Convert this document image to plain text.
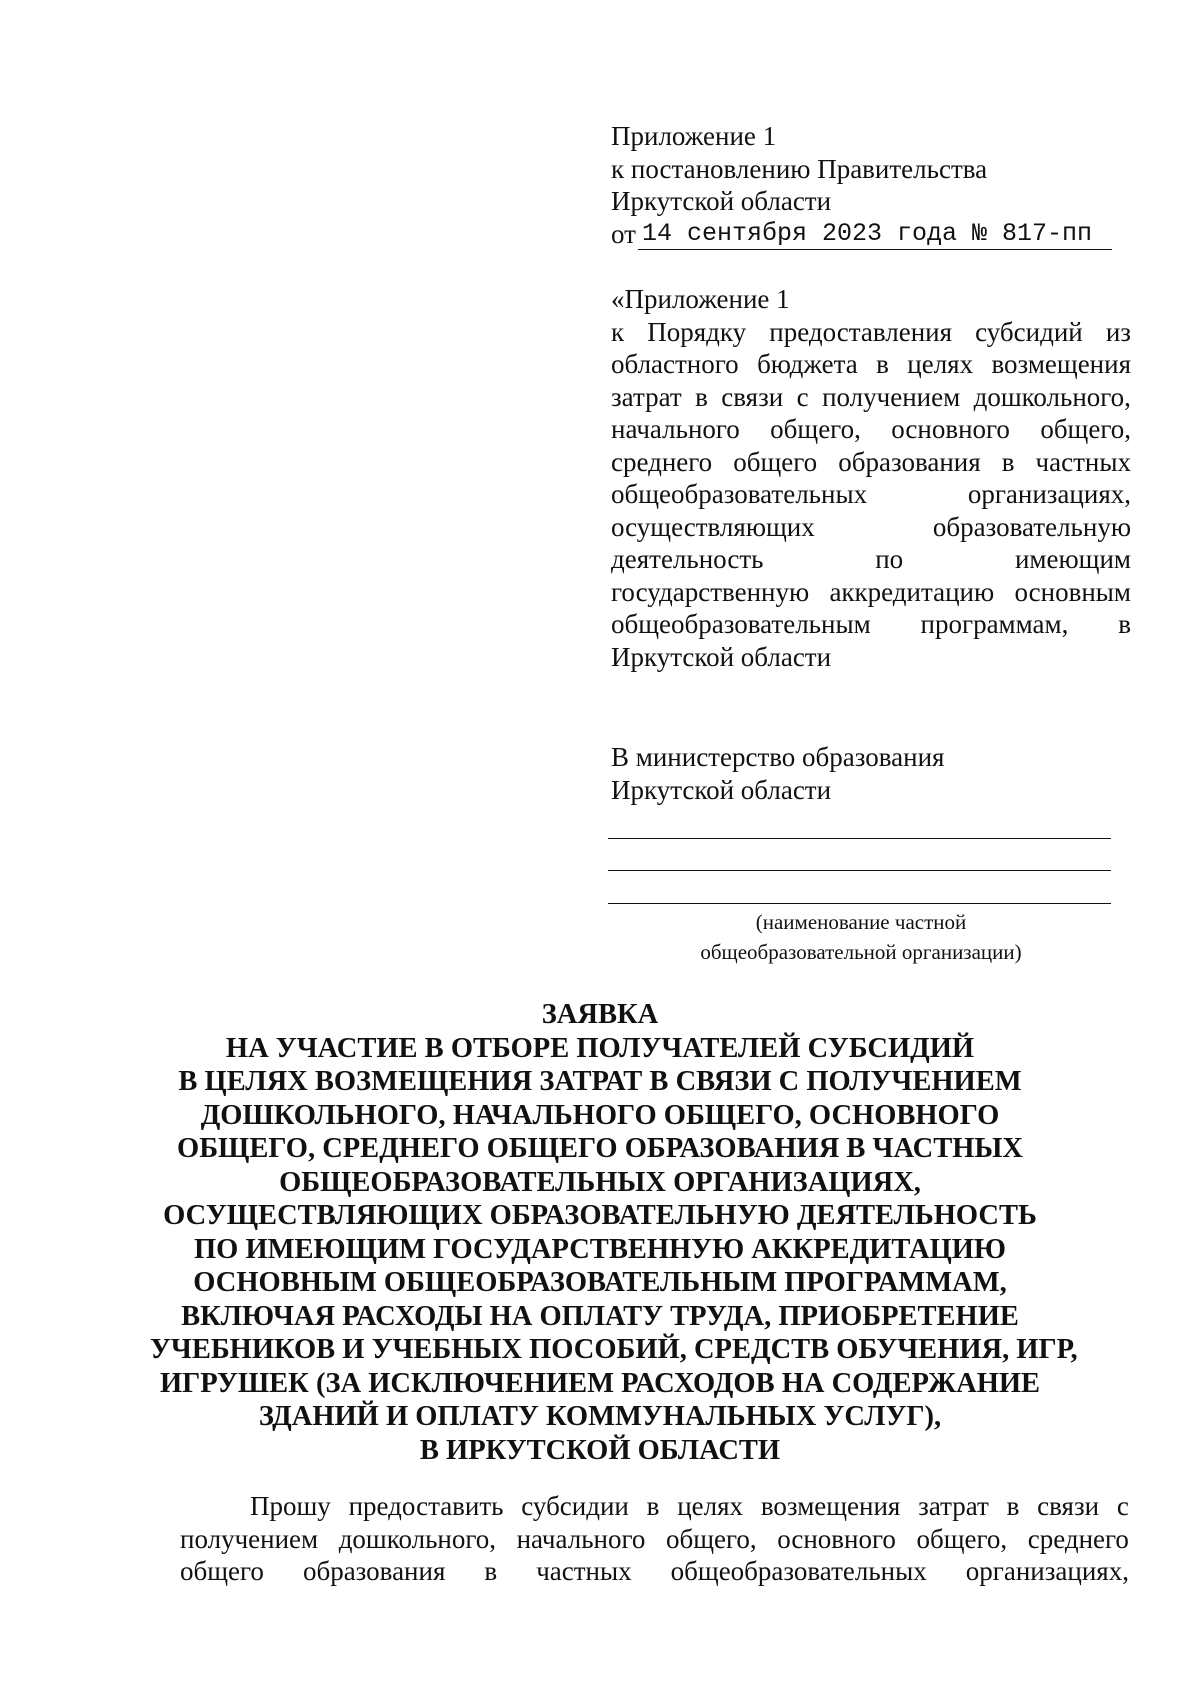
Приложение 1
к постановлению Правительства
Иркутской области
от 14 сентября 2023 года № 817-пп
«Приложение 1
к Порядку предоставления субсидий из
областного бюджета в целях возмещения
затрат в связи с получением дошкольного,
начального общего, основного общего,
среднего общего образования в частных
общеобразовательных	организациях,
осуществляющих	образовательную
деятельность	по	имеющим
государственную аккредитацию основным
общеобразовательным программам, в
Иркутской области
В министерство образования
Иркутской области
(наименование частной
общеобразовательной организации)
ЗАЯВКА
НА УЧАСТИЕ В ОТБОРЕ ПОЛУЧАТЕЛЕЙ СУБСИДИЙ
В ЦЕЛЯХ ВОЗМЕЩЕНИЯ ЗАТРАТ В СВЯЗИ С ПОЛУЧЕНИЕМ
ДОШКОЛЬНОГО, НАЧАЛЬНОГО ОБЩЕГО, ОСНОВНОГО
ОБЩЕГО, СРЕДНЕГО ОБЩЕГО ОБРАЗОВАНИЯ В ЧАСТНЫХ
ОБЩЕОБРАЗОВАТЕЛЬНЫХ ОРГАНИЗАЦИЯХ,
ОСУЩЕСТВЛЯЮЩИХ ОБРАЗОВАТЕЛЬНУЮ ДЕЯТЕЛЬНОСТЬ
ПО ИМЕЮЩИМ ГОСУДАРСТВЕННУЮ АККРЕДИТАЦИЮ
ОСНОВНЫМ ОБЩЕОБРАЗОВАТЕЛЬНЫМ ПРОГРАММАМ,
ВКЛЮЧАЯ РАСХОДЫ НА ОПЛАТУ ТРУДА, ПРИОБРЕТЕНИЕ
УЧЕБНИКОВ И УЧЕБНЫХ ПОСОБИЙ, СРЕДСТВ ОБУЧЕНИЯ, ИГР,
ИГРУШЕК (ЗА ИСКЛЮЧЕНИЕМ РАСХОДОВ НА СОДЕРЖАНИЕ
ЗДАНИЙ И ОПЛАТУ КОММУНАЛЬНЫХ УСЛУГ),
В ИРКУТСКОЙ ОБЛАСТИ
Прошу предоставить субсидии в целях возмещения затрат в связи с
получением дошкольного, начального общего, основного общего, среднего
общего образования в частных общеобразовательных организациях,
